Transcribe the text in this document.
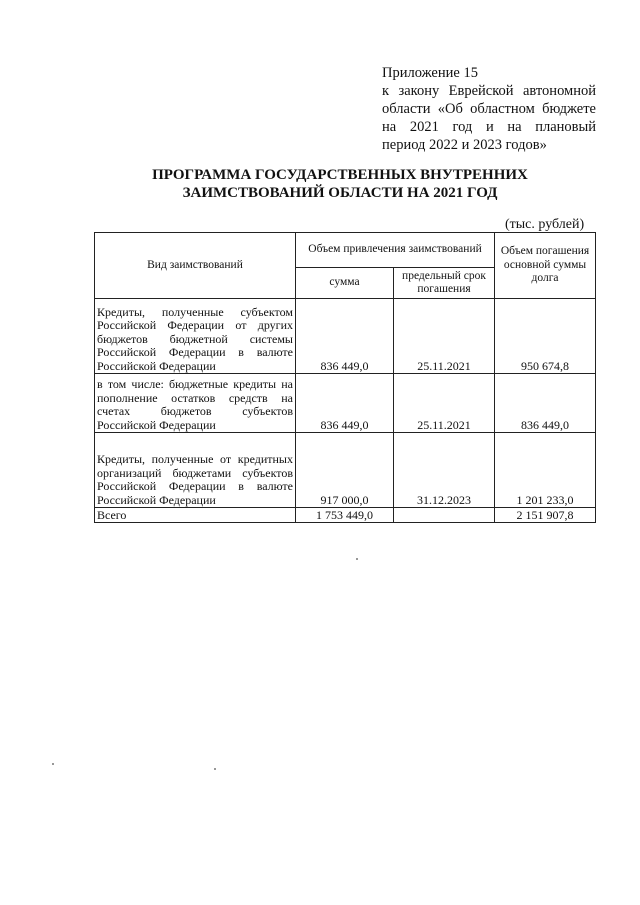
Приложение 15
к закону Еврейской автономной
области «Об областном бюджете
на 2021 год и на плановый
период 2022 и 2023 годов»
ПРОГРАММА ГОСУДАРСТВЕННЫХ ВНУТРЕННИХ
ЗАИМСТВОВАНИЙ ОБЛАСТИ НА 2021 ГОД
(тыс. рублей)
Вид заимствований	Объем привлечения заимствований		Объем погашения основной суммы долга
	сумма	предельный срок погашения	
Кредиты, полученные субъектом Российской Федерации от других бюджетов бюджетной системы Российской Федерации в валюте Российской Федерации	836 449,0	25.11.2021	950 674,8
в том числе: бюджетные кредиты на пополнение остатков средств на счетах бюджетов субъектов Российской Федерации	836 449,0	25.11.2021	836 449,0
Кредиты, полученные от кредитных организаций бюджетами субъектов Российской Федерации в валюте Российской Федерации	917 000,0	31.12.2023	1 201 233,0
Всего	1 753 449,0		2 151 907,8
